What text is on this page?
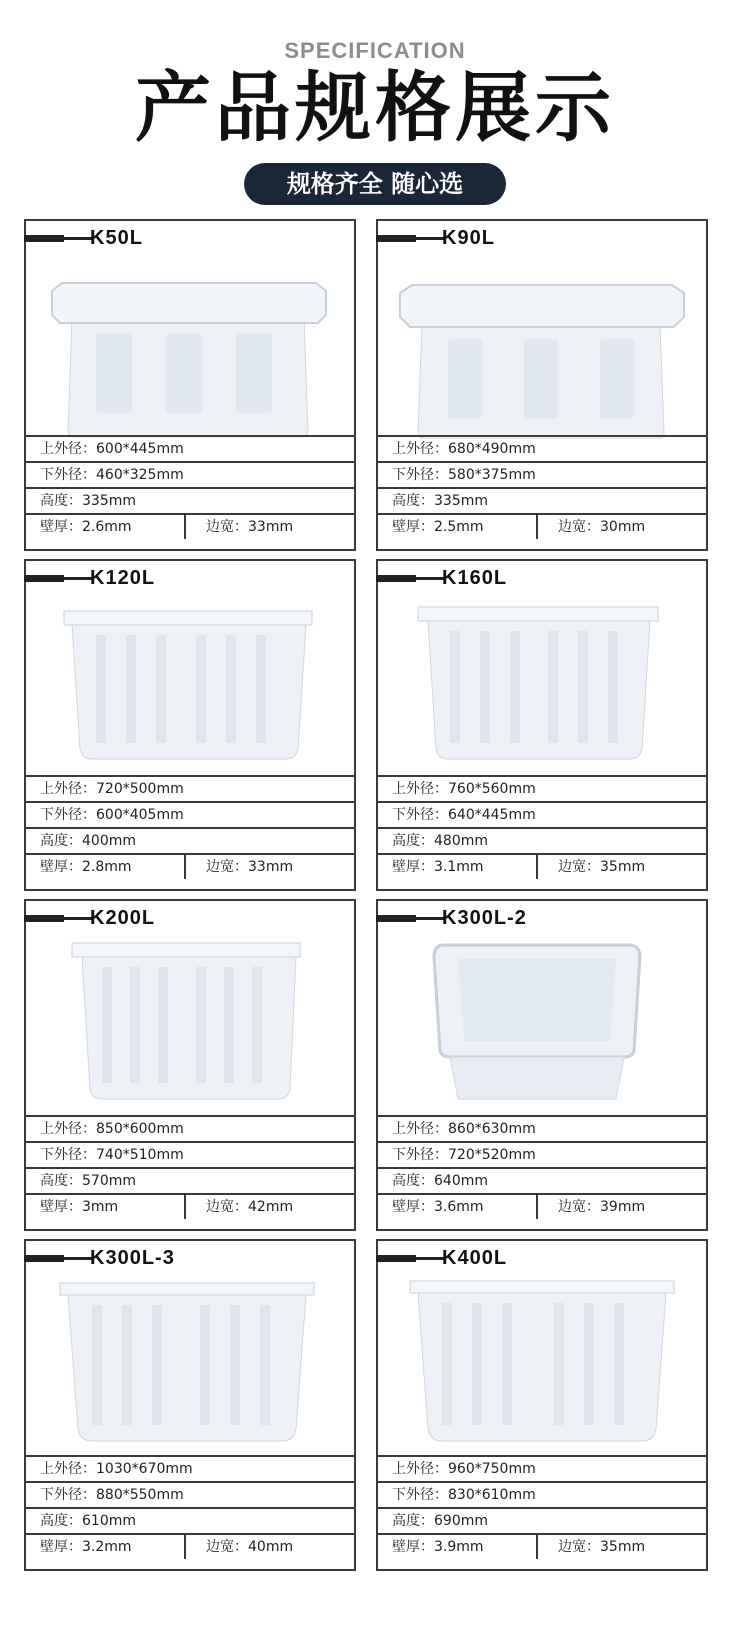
SPECIFICATION
产品规格展示
规格齐全 随心选
K50L
上外径：600*445mm
下外径：460*325mm
高度：335mm
壁厚：2.6mm	边宽：33mm
K90L
上外径：680*490mm
下外径：580*375mm
高度：335mm
壁厚：2.5mm	边宽：30mm
K120L
上外径：720*500mm
下外径：600*405mm
高度：400mm
壁厚：2.8mm	边宽：33mm
K160L
上外径：760*560mm
下外径：640*445mm
高度：480mm
壁厚：3.1mm	边宽：35mm
K200L
上外径：850*600mm
下外径：740*510mm
高度：570mm
壁厚：3mm	边宽：42mm
K300L-2
上外径：860*630mm
下外径：720*520mm
高度：640mm
壁厚：3.6mm	边宽：39mm
K300L-3
上外径：1030*670mm
下外径：880*550mm
高度：610mm
壁厚：3.2mm	边宽：40mm
K400L
上外径：960*750mm
下外径：830*610mm
高度：690mm
壁厚：3.9mm	边宽：35mm
